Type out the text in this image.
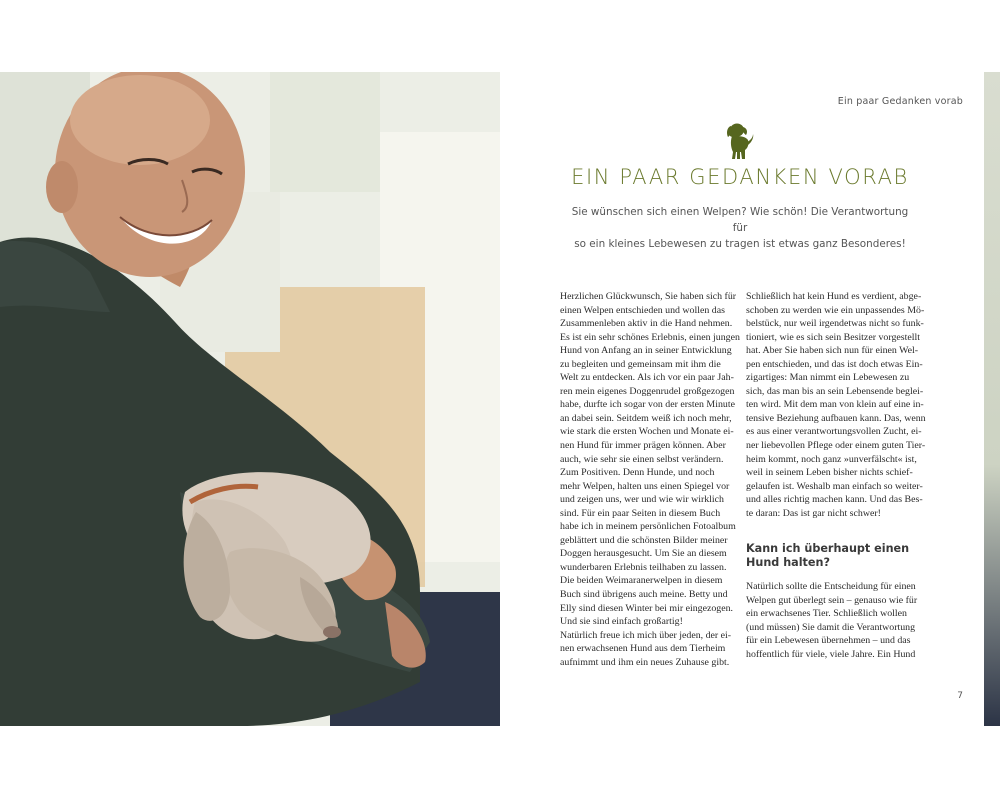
Ein paar Gedanken vorab
EIN PAAR GEDANKEN VORAB
Sie wünschen sich einen Welpen? Wie schön! Die Verantwortung für
so ein kleines Lebewesen zu tragen ist etwas ganz Besonderes!
Herzlichen Glückwunsch, Sie haben sich für
einen Welpen entschieden und wollen das
Zusammenleben aktiv in die Hand nehmen.
Es ist ein sehr schönes Erlebnis, einen jungen
Hund von Anfang an in seiner Entwicklung
zu begleiten und gemeinsam mit ihm die
Welt zu entdecken. Als ich vor ein paar Jah-
ren mein eigenes Doggenrudel großgezogen
habe, durfte ich sogar von der ersten Minute
an dabei sein. Seitdem weiß ich noch mehr,
wie stark die ersten Wochen und Monate ei-
nen Hund für immer prägen können. Aber
auch, wie sehr sie einen selbst verändern.
Zum Positiven. Denn Hunde, und noch
mehr Welpen, halten uns einen Spiegel vor
und zeigen uns, wer und wie wir wirklich
sind. Für ein paar Seiten in diesem Buch
habe ich in meinem persönlichen Fotoalbum
geblättert und die schönsten Bilder meiner
Doggen herausgesucht. Um Sie an diesem
wunderbaren Erlebnis teilhaben zu lassen.
Die beiden Weimaranerwelpen in diesem
Buch sind übrigens auch meine. Betty und
Elly sind diesen Winter bei mir eingezogen.
Und sie sind einfach großartig!
Natürlich freue ich mich über jeden, der ei-
nen erwachsenen Hund aus dem Tierheim
aufnimmt und ihm ein neues Zuhause gibt.
Schließlich hat kein Hund es verdient, abge-
schoben zu werden wie ein unpassendes Mö-
belstück, nur weil irgendetwas nicht so funk-
tioniert, wie es sich sein Besitzer vorgestellt
hat. Aber Sie haben sich nun für einen Wel-
pen entschieden, und das ist doch etwas Ein-
zigartiges: Man nimmt ein Lebewesen zu
sich, das man bis an sein Lebensende beglei-
ten wird. Mit dem man von klein auf eine in-
tensive Beziehung aufbauen kann. Das, wenn
es aus einer verantwortungsvollen Zucht, ei-
ner liebevollen Pflege oder einem guten Tier-
heim kommt, noch ganz »unverfälscht« ist,
weil in seinem Leben bisher nichts schief-
gelaufen ist. Weshalb man einfach so weiter-
und alles richtig machen kann. Und das Bes-
te daran: Das ist gar nicht schwer!
Kann ich überhaupt einen
Hund halten?
Natürlich sollte die Entscheidung für einen
Welpen gut überlegt sein – genauso wie für
ein erwachsenes Tier. Schließlich wollen
(und müssen) Sie damit die Verantwortung
für ein Lebewesen übernehmen – und das
hoffentlich für viele, viele Jahre. Ein Hund
7
